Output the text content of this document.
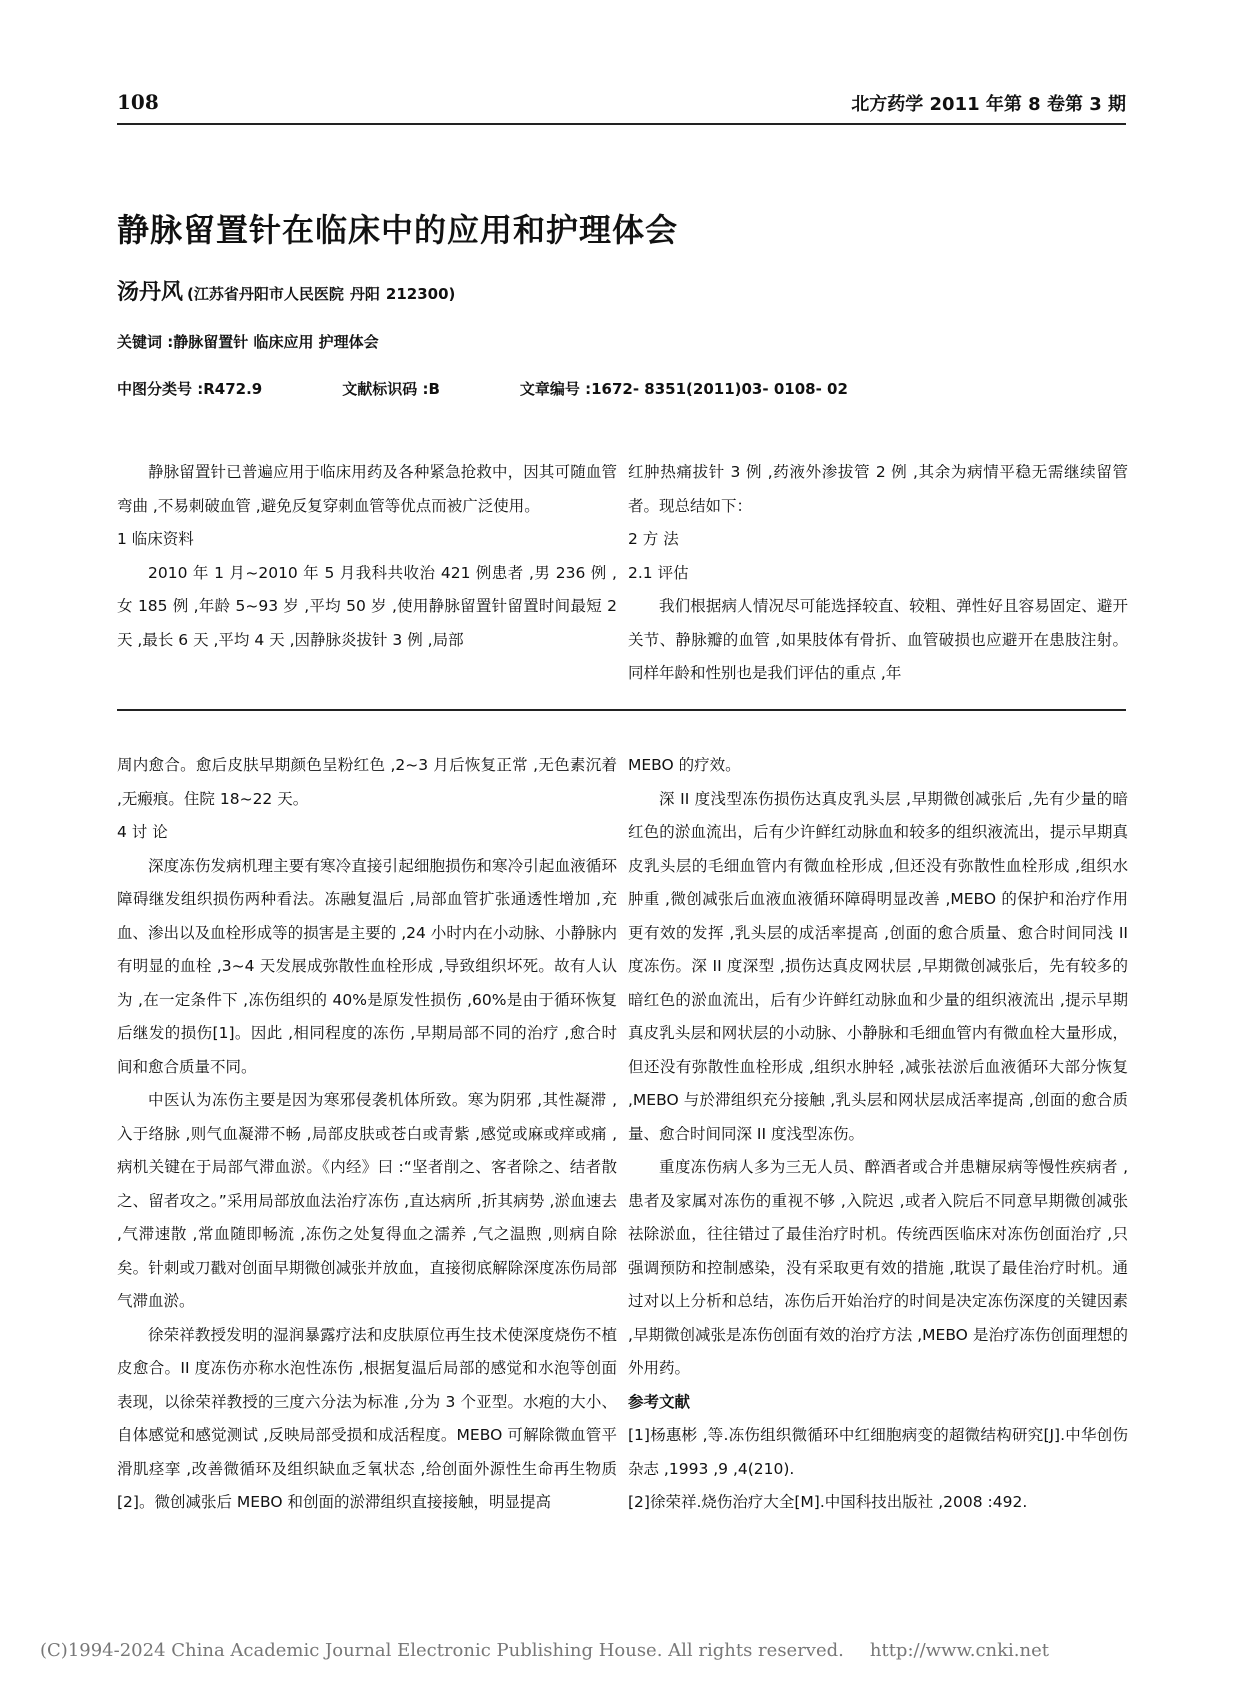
108	北方药学 2011 年第 8 卷第 3 期
静脉留置针在临床中的应用和护理体会
汤丹风 (江苏省丹阳市人民医院 丹阳 212300)
关键词 :静脉留置针 临床应用 护理体会
中图分类号 :R472.9	文献标识码 :B	文章编号 :1672- 8351(2011)03- 0108- 02

静脉留置针已普遍应用于临床用药及各种紧急抢救中，因其可随血管弯曲 ,不易刺破血管 ,避免反复穿刺血管等优点而被广泛使用。

1 临床资料

2010 年 1 月~2010 年 5 月我科共收治 421 例患者 ,男 236 例 ,女 185 例 ,年龄 5~93 岁 ,平均 50 岁 ,使用静脉留置针留置时间最短 2 天 ,最长 6 天 ,平均 4 天 ,因静脉炎拔针 3 例 ,局部

红肿热痛拔针 3 例 ,药液外渗拔管 2 例 ,其余为病情平稳无需继续留管者。现总结如下：

2 方 法
2.1 评估

我们根据病人情况尽可能选择较直、较粗、弹性好且容易固定、避开关节、静脉瓣的血管 ,如果肢体有骨折、血管破损也应避开在患肢注射。同样年龄和性别也是我们评估的重点 ,年

周内愈合。愈后皮肤早期颜色呈粉红色 ,2~3 月后恢复正常 ,无色素沉着 ,无瘢痕。住院 18~22 天。

4 讨 论

深度冻伤发病机理主要有寒冷直接引起细胞损伤和寒冷引起血液循环障碍继发组织损伤两种看法。冻融复温后 ,局部血管扩张通透性增加 ,充血、渗出以及血栓形成等的损害是主要的 ,24 小时内在小动脉、小静脉内有明显的血栓 ,3~4 天发展成弥散性血栓形成 ,导致组织坏死。故有人认为 ,在一定条件下 ,冻伤组织的 40%是原发性损伤 ,60%是由于循环恢复后继发的损伤[1]。因此 ,相同程度的冻伤 ,早期局部不同的治疗 ,愈合时间和愈合质量不同。

中医认为冻伤主要是因为寒邪侵袭机体所致。寒为阴邪 ,其性凝滞 ,入于络脉 ,则气血凝滞不畅 ,局部皮肤或苍白或青紫 ,感觉或麻或痒或痛 ,病机关键在于局部气滞血淤。《内经》曰 :“坚者削之、客者除之、结者散之、留者攻之。”采用局部放血法治疗冻伤 ,直达病所 ,折其病势 ,淤血速去 ,气滞速散 ,常血随即畅流 ,冻伤之处复得血之濡养 ,气之温煦 ,则病自除矣。针刺或刀戳对创面早期微创减张并放血，直接彻底解除深度冻伤局部气滞血淤。

徐荣祥教授发明的湿润暴露疗法和皮肤原位再生技术使深度烧伤不植皮愈合。II 度冻伤亦称水泡性冻伤 ,根据复温后局部的感觉和水泡等创面表现，以徐荣祥教授的三度六分法为标准 ,分为 3 个亚型。水疱的大小、自体感觉和感觉测试 ,反映局部受损和成活程度。MEBO 可解除微血管平滑肌痉挛 ,改善微循环及组织缺血乏氧状态 ,给创面外源性生命再生物质[2]。微创减张后 MEBO 和创面的淤滞组织直接接触，明显提高

MEBO 的疗效。

深 II 度浅型冻伤损伤达真皮乳头层 ,早期微创减张后 ,先有少量的暗红色的淤血流出，后有少许鲜红动脉血和较多的组织液流出，提示早期真皮乳头层的毛细血管内有微血栓形成 ,但还没有弥散性血栓形成 ,组织水肿重 ,微创减张后血液血液循环障碍明显改善 ,MEBO 的保护和治疗作用更有效的发挥 ,乳头层的成活率提高 ,创面的愈合质量、愈合时间同浅 II 度冻伤。深 II 度深型 ,损伤达真皮网状层 ,早期微创减张后，先有较多的暗红色的淤血流出，后有少许鲜红动脉血和少量的组织液流出 ,提示早期真皮乳头层和网状层的小动脉、小静脉和毛细血管内有微血栓大量形成，但还没有弥散性血栓形成 ,组织水肿轻 ,减张祛淤后血液循环大部分恢复 ,MEBO 与於滞组织充分接触 ,乳头层和网状层成活率提高 ,创面的愈合质量、愈合时间同深 II 度浅型冻伤。

重度冻伤病人多为三无人员、醉酒者或合并患糖尿病等慢性疾病者 ,患者及家属对冻伤的重视不够 ,入院迟 ,或者入院后不同意早期微创减张祛除淤血，往往错过了最佳治疗时机。传统西医临床对冻伤创面治疗 ,只强调预防和控制感染，没有采取更有效的措施 ,耽误了最佳治疗时机。通过对以上分析和总结，冻伤后开始治疗的时间是决定冻伤深度的关键因素 ,早期微创减张是冻伤创面有效的治疗方法 ,MEBO 是治疗冻伤创面理想的外用药。

参考文献

[1]杨惠彬 ,等.冻伤组织微循环中红细胞病变的超微结构研究[J].中华创伤杂志 ,1993 ,9 ,4(210).

[2]徐荣祥.烧伤治疗大全[M].中国科技出版社 ,2008 :492.

(C)1994-2024 China Academic Journal Electronic Publishing House. All rights reserved. http://www.cnki.net
